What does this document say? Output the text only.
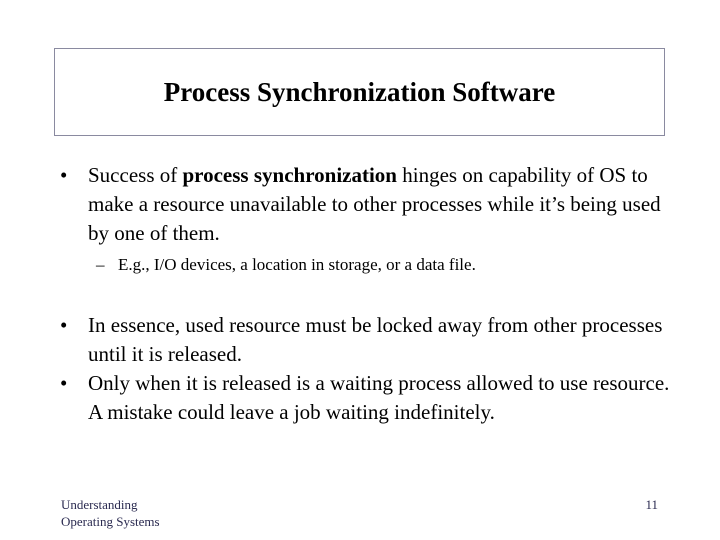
Process Synchronization Software
• Success of process synchronization hinges on capability of OS to make a resource unavailable to other processes while it’s being used by one of them.
– E.g., I/O devices, a location in storage, or a data file.
• In essence, used resource must be locked away from other processes until it is released.
• Only when it is released is a waiting process allowed to use resource. A mistake could leave a job waiting indefinitely.
Understanding
Operating Systems
11
